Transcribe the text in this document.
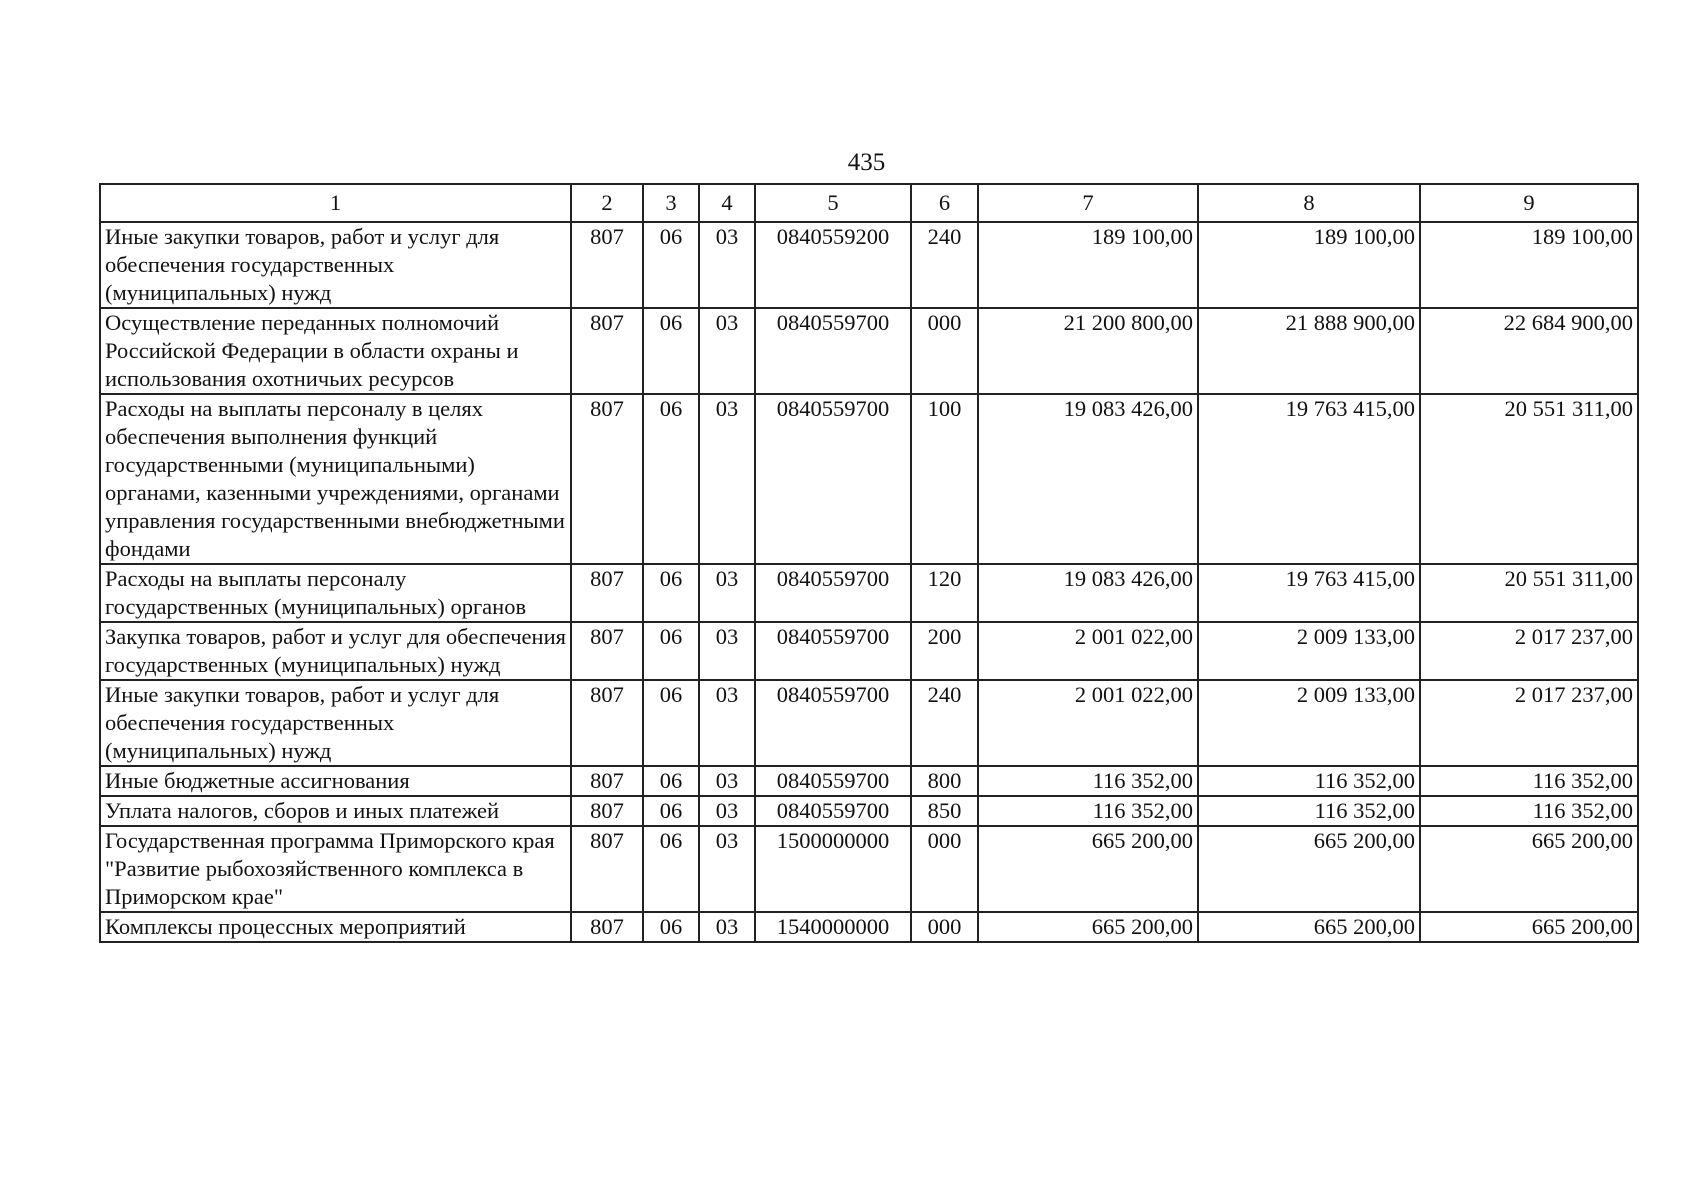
435
1	2	3	4	5	6	7	8	9
Иные закупки товаров, работ и услуг для обеспечения государственных (муниципальных) нужд	807	06	03	0840559200	240	189 100,00	189 100,00	189 100,00
Осуществление переданных полномочий Российской Федерации в области охраны и использования охотничьих ресурсов	807	06	03	0840559700	000	21 200 800,00	21 888 900,00	22 684 900,00
Расходы на выплаты персоналу в целях обеспечения выполнения функций государственными (муниципальными) органами, казенными учреждениями, органами управления государственными внебюджетными фондами	807	06	03	0840559700	100	19 083 426,00	19 763 415,00	20 551 311,00
Расходы на выплаты персоналу государственных (муниципальных) органов	807	06	03	0840559700	120	19 083 426,00	19 763 415,00	20 551 311,00
Закупка товаров, работ и услуг для обеспечения государственных (муниципальных) нужд	807	06	03	0840559700	200	2 001 022,00	2 009 133,00	2 017 237,00
Иные закупки товаров, работ и услуг для обеспечения государственных (муниципальных) нужд	807	06	03	0840559700	240	2 001 022,00	2 009 133,00	2 017 237,00
Иные бюджетные ассигнования	807	06	03	0840559700	800	116 352,00	116 352,00	116 352,00
Уплата налогов, сборов и иных платежей	807	06	03	0840559700	850	116 352,00	116 352,00	116 352,00
Государственная программа Приморского края "Развитие рыбохозяйственного комплекса в Приморском крае"	807	06	03	1500000000	000	665 200,00	665 200,00	665 200,00
Комплексы процессных мероприятий	807	06	03	1540000000	000	665 200,00	665 200,00	665 200,00
